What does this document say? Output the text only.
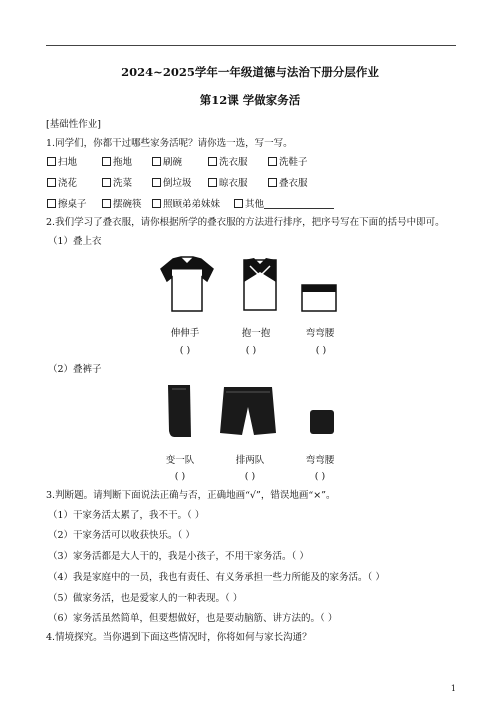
2024~2025学年一年级道德与法治下册分层作业
第12课 学做家务活
[基础性作业]
1.同学们，你都干过哪些家务活呢？请你选一选，写一写。
扫地	拖地	刷碗	洗衣服	洗鞋子
浇花	洗菜	倒垃圾	晾衣服	叠衣服
擦桌子	摆碗筷	照顾弟弟妹妹	其他
2.我们学习了叠衣服，请你根据所学的叠衣服的方法进行排序，把序号写在下面的括号中即可。
（1）叠上衣
伸伸手	抱一抱	弯弯腰
( )	( )	( )
（2）叠裤子
变一队	排两队	弯弯腰
( )	( )	( )
3.判断题。请判断下面说法正确与否，正确地画“√”，错误地画“×”。
（1）干家务活太累了，我不干。（ ）
（2）干家务活可以收获快乐。（ ）
（3）家务活都是大人干的，我是小孩子，不用干家务活。（ ）
（4）我是家庭中的一员，我也有责任、有义务承担一些力所能及的家务活。（ ）
（5）做家务活，也是爱家人的一种表现。（ ）
（6）家务活虽然简单，但要想做好，也是要动脑筋、讲方法的。（ ）
4.情境探究。当你遇到下面这些情况时，你将如何与家长沟通？
1
